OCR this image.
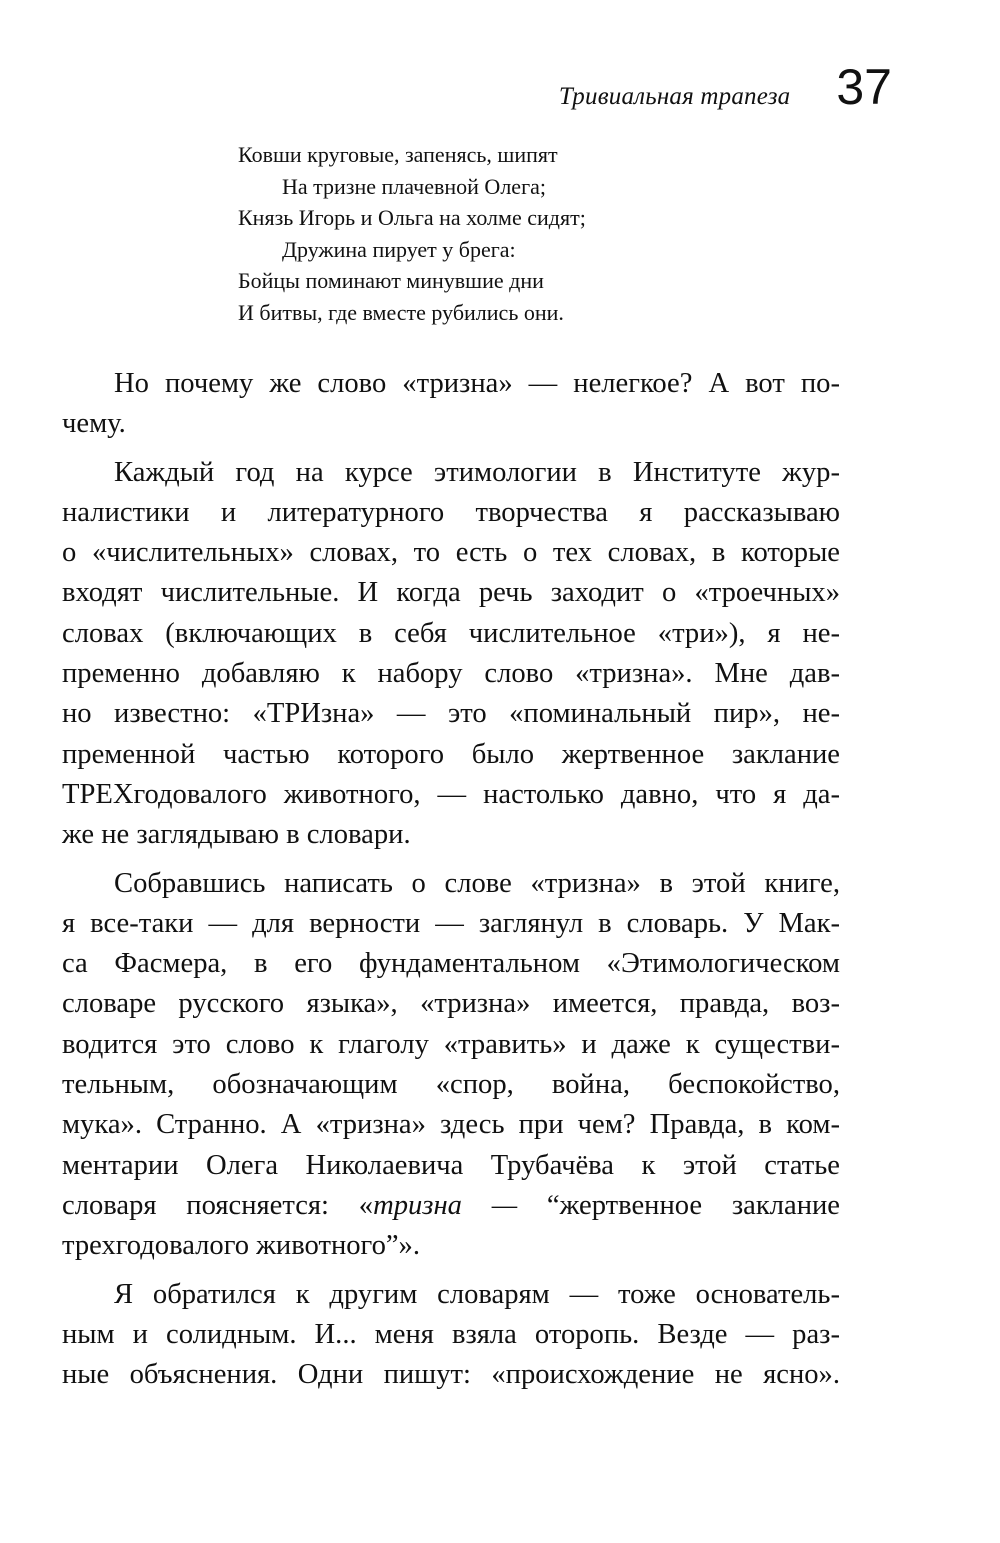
Тривиальная трапеза 37
Ковши круговые, запенясь, шипят
На тризне плачевной Олега;
Князь Игорь и Ольга на холме сидят;
Дружина пирует у брега:
Бойцы поминают минувшие дни
И битвы, где вместе рубились они.

Но почему же слово «тризна» — нелегкое? А вот по-
чему.

Каждый год на курсе этимологии в Институте жур-
налистики и литературного творчества я рассказываю
о «числительных» словах, то есть о тех словах, в которые
входят числительные. И когда речь заходит о «троечных»
словах (включающих в себя числительное «три»), я не-
пременно добавляю к набору слово «тризна». Мне дав-
но известно: «ТРИзна» — это «поминальный пир», не-
пременной частью которого было жертвенное заклание
ТРЕХгодовалого животного, — настолько давно, что я да-
же не заглядываю в словари.

Собравшись написать о слове «тризна» в этой книге,
я все-таки — для верности — заглянул в словарь. У Мак-
са Фасмера, в его фундаментальном «Этимологическом
словаре русского языка», «тризна» имеется, правда, воз-
водится это слово к глаголу «травить» и даже к существи-
тельным, обозначающим «спор, война, беспокойство,
мука». Странно. А «тризна» здесь при чем? Правда, в ком-
ментарии Олега Николаевича Трубачёва к этой статье
словаря поясняется: «тризна — “жертвенное заклание
трехгодовалого животного”».

Я обратился к другим словарям — тоже основатель-
ным и солидным. И... меня взяла оторопь. Везде — раз-
ные объяснения. Одни пишут: «происхождение не ясно».
